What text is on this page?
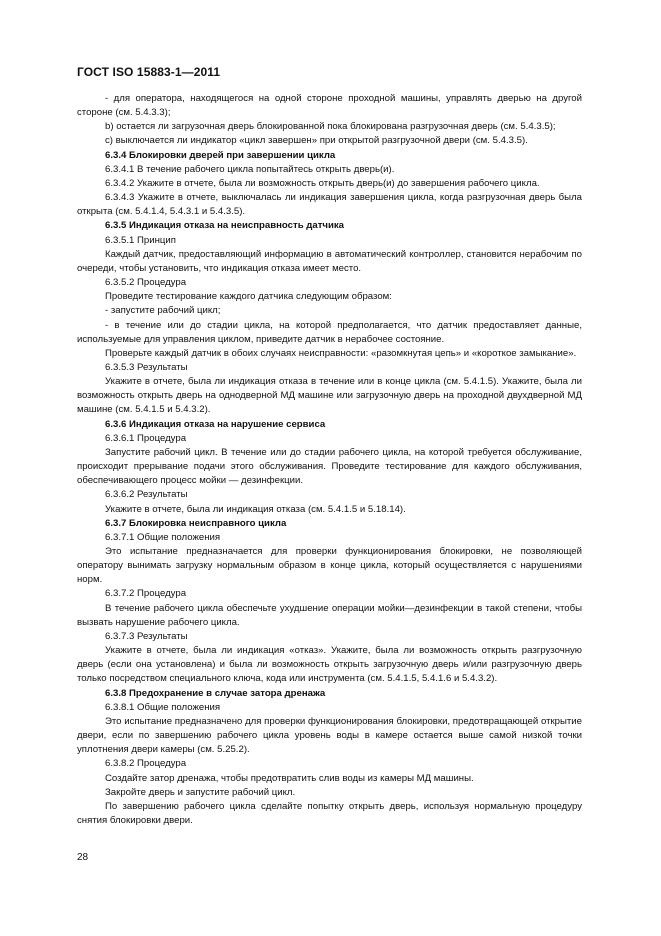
ГОСТ ISO 15883-1—2011

- для оператора, находящегося на одной стороне проходной машины, управлять дверью на другой стороне (см. 5.4.3.3);

b) остается ли загрузочная дверь блокированной пока блокирована разгрузочная дверь (см. 5.4.3.5);

с) выключается ли индикатор «цикл завершен» при открытой разгрузочной двери (см. 5.4.3.5).

6.3.4 Блокировки дверей при завершении цикла

6.3.4.1 В течение рабочего цикла попытайтесь открыть дверь(и).

6.3.4.2 Укажите в отчете, была ли возможность открыть дверь(и) до завершения рабочего цикла.

6.3.4.3 Укажите в отчете, выключалась ли индикация завершения цикла, когда разгрузочная дверь была открыта (см. 5.4.1.4, 5.4.3.1 и 5.4.3.5).

6.3.5 Индикация отказа на неисправность датчика

6.3.5.1 Принцип

Каждый датчик, предоставляющий информацию в автоматический контроллер, становится нерабочим по очереди, чтобы установить, что индикация отказа имеет место.

6.3.5.2 Процедура

Проведите тестирование каждого датчика следующим образом:

- запустите рабочий цикл;

- в течение или до стадии цикла, на которой предполагается, что датчик предоставляет данные, используемые для управления циклом, приведите датчик в нерабочее состояние.

Проверьте каждый датчик в обоих случаях неисправности: «разомкнутая цепь» и «короткое замыкание».

6.3.5.3 Результаты

Укажите в отчете, была ли индикация отказа в течение или в конце цикла (см. 5.4.1.5). Укажите, была ли возможность открыть дверь на однодверной МД машине или загрузочную дверь на проходной двухдверной МД машине (см. 5.4.1.5 и 5.4.3.2).

6.3.6 Индикация отказа на нарушение сервиса

6.3.6.1 Процедура

Запустите рабочий цикл. В течение или до стадии рабочего цикла, на которой требуется обслуживание, происходит прерывание подачи этого обслуживания. Проведите тестирование для каждого обслуживания, обеспечивающего процесс мойки — дезинфекции.

6.3.6.2 Результаты

Укажите в отчете, была ли индикация отказа (см. 5.4.1.5 и 5.18.14).

6.3.7 Блокировка неисправного цикла

6.3.7.1 Общие положения

Это испытание предназначается для проверки функционирования блокировки, не позволяющей оператору вынимать загрузку нормальным образом в конце цикла, который осуществляется с нарушениями норм.

6.3.7.2 Процедура

В течение рабочего цикла обеспечьте ухудшение операции мойки—дезинфекции в такой степени, чтобы вызвать нарушение рабочего цикла.

6.3.7.3 Результаты

Укажите в отчете, была ли индикация «отказ». Укажите, была ли возможность открыть разгрузочную дверь (если она установлена) и была ли возможность открыть загрузочную дверь и/или разгрузочную дверь только посредством специального ключа, кода или инструмента (см. 5.4.1.5, 5.4.1.6 и 5.4.3.2).

6.3.8 Предохранение в случае затора дренажа

6.3.8.1 Общие положения

Это испытание предназначено для проверки функционирования блокировки, предотвращающей открытие двери, если по завершению рабочего цикла уровень воды в камере остается выше самой низкой точки уплотнения двери камеры (см. 5.25.2).

6.3.8.2 Процедура

Создайте затор дренажа, чтобы предотвратить слив воды из камеры МД машины.

Закройте дверь и запустите рабочий цикл.

По завершению рабочего цикла сделайте попытку открыть дверь, используя нормальную процедуру снятия блокировки двери.

28
